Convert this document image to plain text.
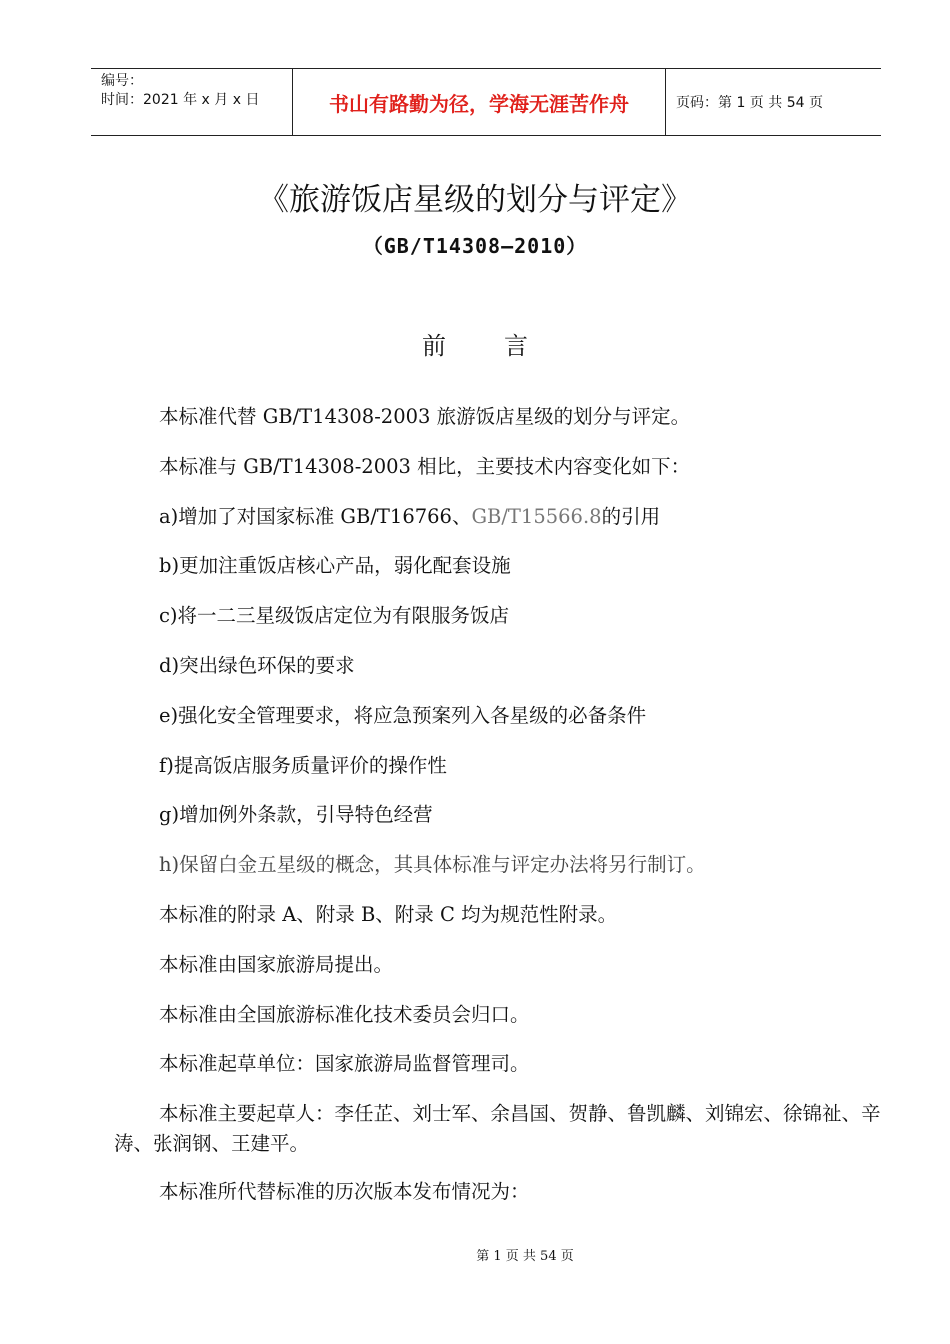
编号：
时间：2021 年 x 月 x 日	书山有路勤为径，学海无涯苦作舟	页码：第 1 页 共 54 页
《旅游饭店星级的划分与评定》
（GB/T14308—2010）
前言
本标准代替 GB/T14308-2003 旅游饭店星级的划分与评定。
本标准与 GB/T14308-2003 相比，主要技术内容变化如下：
a)增加了对国家标准 GB/T16766、GB/T15566.8的引用
b)更加注重饭店核心产品，弱化配套设施
c)将一二三星级饭店定位为有限服务饭店
d)突出绿色环保的要求
e)强化安全管理要求，将应急预案列入各星级的必备条件
f)提高饭店服务质量评价的操作性
g)增加例外条款，引导特色经营
h)保留白金五星级的概念，其具体标准与评定办法将另行制订。
本标准的附录 A、附录 B、附录 C 均为规范性附录。
本标准由国家旅游局提出。
本标准由全国旅游标准化技术委员会归口。
本标准起草单位：国家旅游局监督管理司。
本标准主要起草人：李任芷、刘士军、余昌国、贺静、鲁凯麟、刘锦宏、徐锦祉、辛涛、张润钢、王建平。
本标准所代替标准的历次版本发布情况为：
第 1 页 共 54 页
